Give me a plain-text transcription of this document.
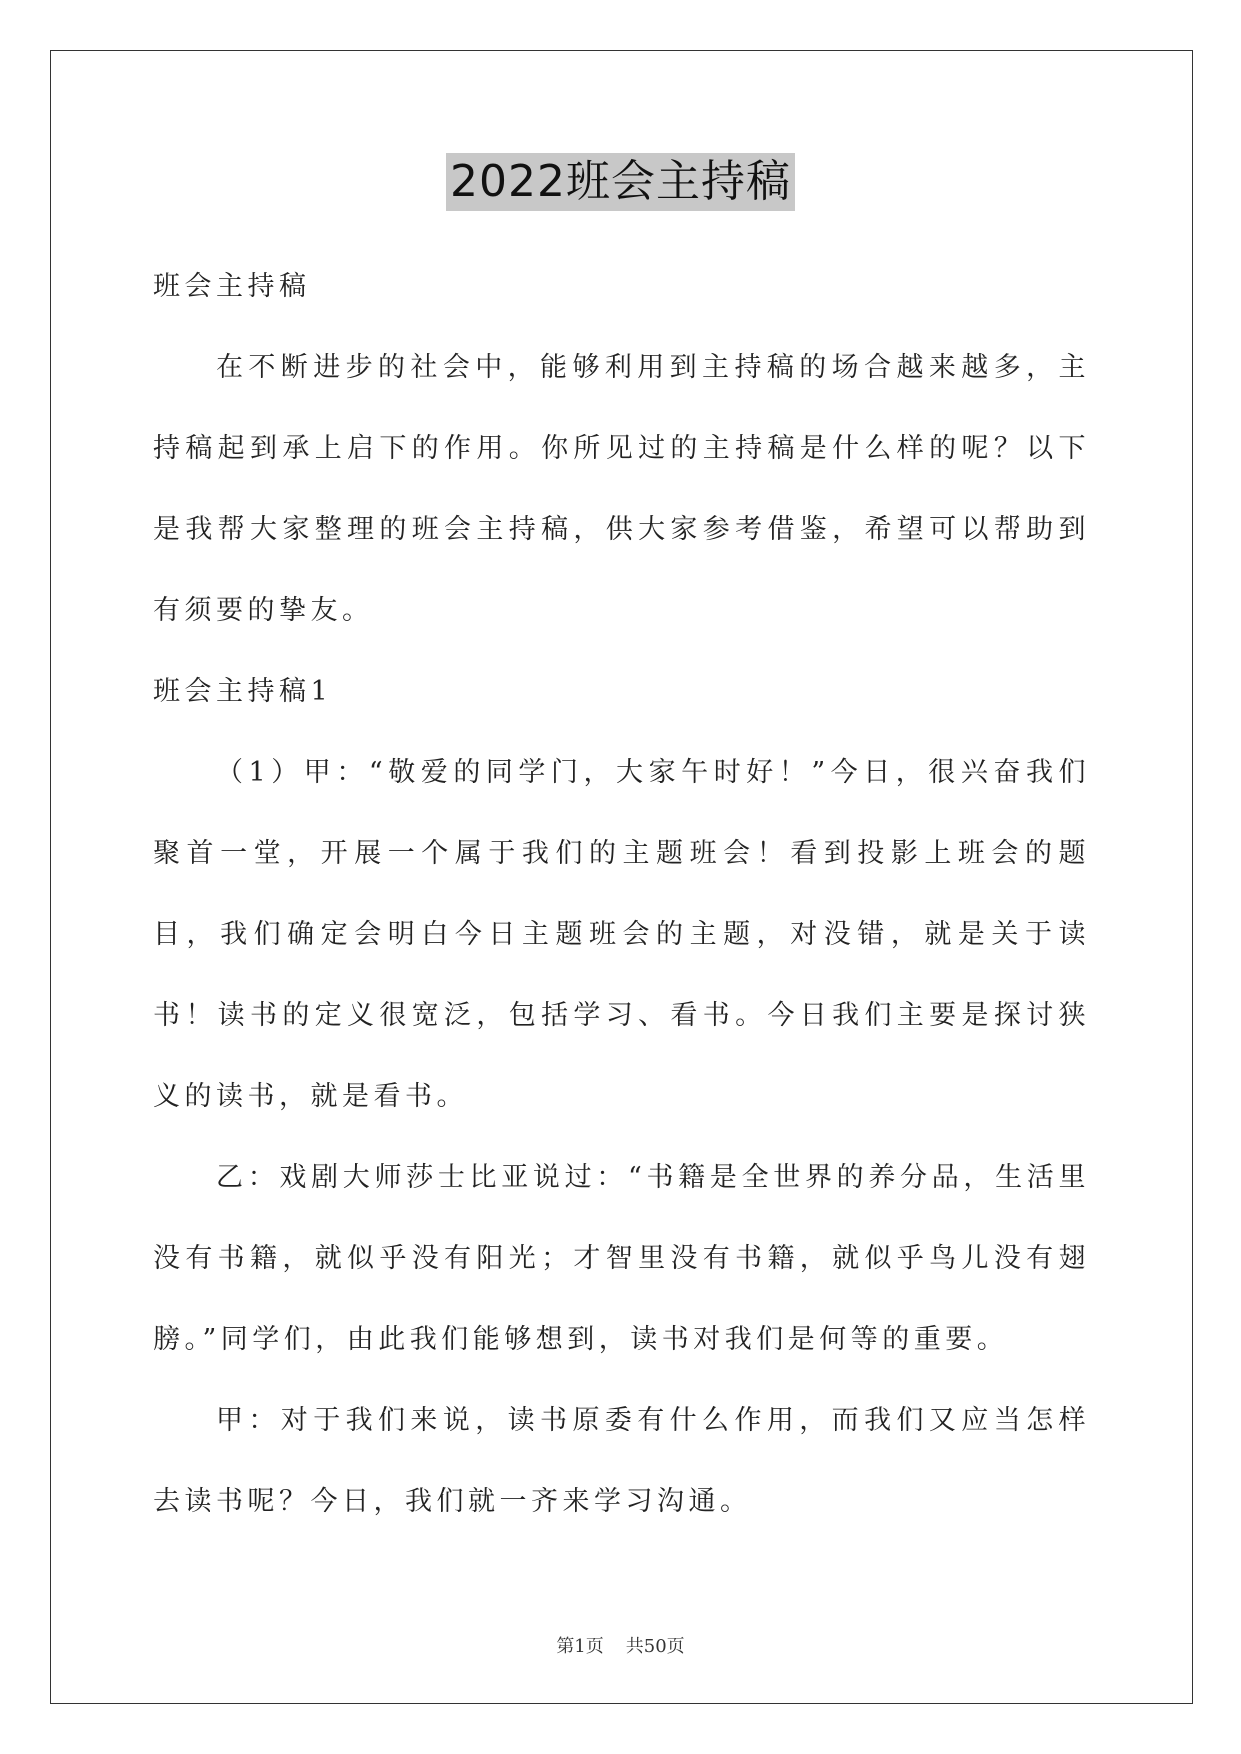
2022班会主持稿

班会主持稿

在不断进步的社会中，能够利用到主持稿的场合越来越多，主持稿起到承上启下的作用。你所见过的主持稿是什么样的呢？以下是我帮大家整理的班会主持稿，供大家参考借鉴，希望可以帮助到有须要的挚友。

班会主持稿1

（1）甲：“敬爱的同学门，大家午时好！”今日，很兴奋我们聚首一堂，开展一个属于我们的主题班会！看到投影上班会的题目，我们确定会明白今日主题班会的主题，对没错，就是关于读书！读书的定义很宽泛，包括学习、看书。今日我们主要是探讨狭义的读书，就是看书。

乙：戏剧大师莎士比亚说过：“书籍是全世界的养分品，生活里没有书籍，就似乎没有阳光；才智里没有书籍，就似乎鸟儿没有翅膀。”同学们，由此我们能够想到，读书对我们是何等的重要。

甲：对于我们来说，读书原委有什么作用，而我们又应当怎样去读书呢？今日，我们就一齐来学习沟通。

第1页 共50页
